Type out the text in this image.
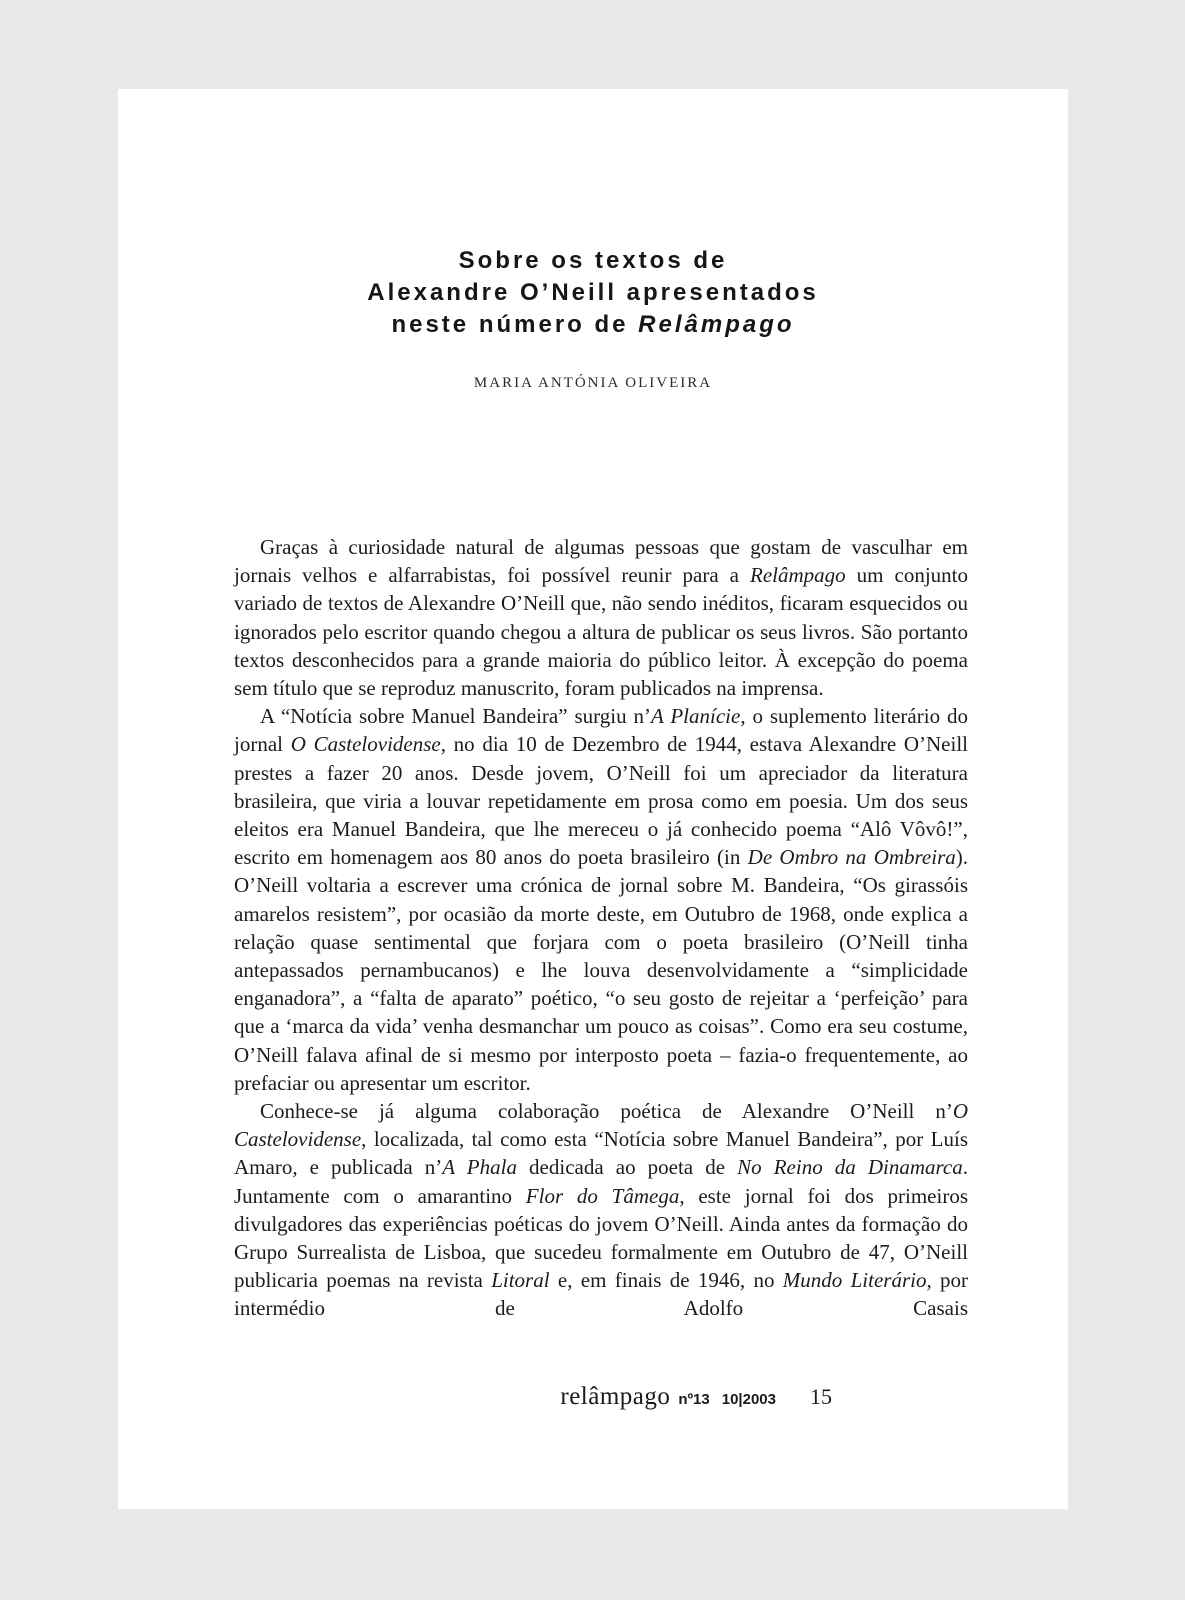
Sobre os textos de
Alexandre O’Neill apresentados
neste número de Relâmpago
MARIA ANTÓNIA OLIVEIRA

Graças à curiosidade natural de algumas pessoas que gostam de vasculhar em jornais velhos e alfarrabistas, foi possível reunir para a Relâmpago um conjunto variado de textos de Alexandre O’Neill que, não sendo inéditos, ficaram esquecidos ou ignorados pelo escritor quando chegou a altura de publicar os seus livros. São portanto textos desconhecidos para a grande maioria do público leitor. À excepção do poema sem título que se reproduz manuscrito, foram publicados na imprensa.

A “Notícia sobre Manuel Bandeira” surgiu n’A Planície, o suplemento literário do jornal O Castelovidense, no dia 10 de Dezembro de 1944, estava Alexandre O’Neill prestes a fazer 20 anos. Desde jovem, O’Neill foi um apreciador da literatura brasileira, que viria a louvar repetidamente em prosa como em poesia. Um dos seus eleitos era Manuel Bandeira, que lhe mereceu o já conhecido poema “Alô Vôvô!”, escrito em homenagem aos 80 anos do poeta brasileiro (in De Ombro na Ombreira). O’Neill voltaria a escrever uma crónica de jornal sobre M. Bandeira, “Os girassóis amarelos resistem”, por ocasião da morte deste, em Outubro de 1968, onde explica a relação quase sentimental que forjara com o poeta brasileiro (O’Neill tinha antepassados pernambucanos) e lhe louva desenvolvidamente a “simplicidade enganadora”, a “falta de aparato” poético, “o seu gosto de rejeitar a ‘perfeição’ para que a ‘marca da vida’ venha desmanchar um pouco as coisas”. Como era seu costume, O’Neill falava afinal de si mesmo por interposto poeta – fazia-o frequentemente, ao prefaciar ou apresentar um escritor.

Conhece-se já alguma colaboração poética de Alexandre O’Neill n’O Castelovidense, localizada, tal como esta “Notícia sobre Manuel Bandeira”, por Luís Amaro, e publicada n’A Phala dedicada ao poeta de No Reino da Dinamarca. Juntamente com o amarantino Flor do Tâmega, este jornal foi dos primeiros divulgadores das experiências poéticas do jovem O’Neill. Ainda antes da formação do Grupo Surrealista de Lisboa, que sucedeu formalmente em Outubro de 47, O’Neill publicaria poemas na revista Litoral e, em finais de 1946, no Mundo Literário, por intermédio de Adolfo Casais

relâmpago nº13 10|2003 15
